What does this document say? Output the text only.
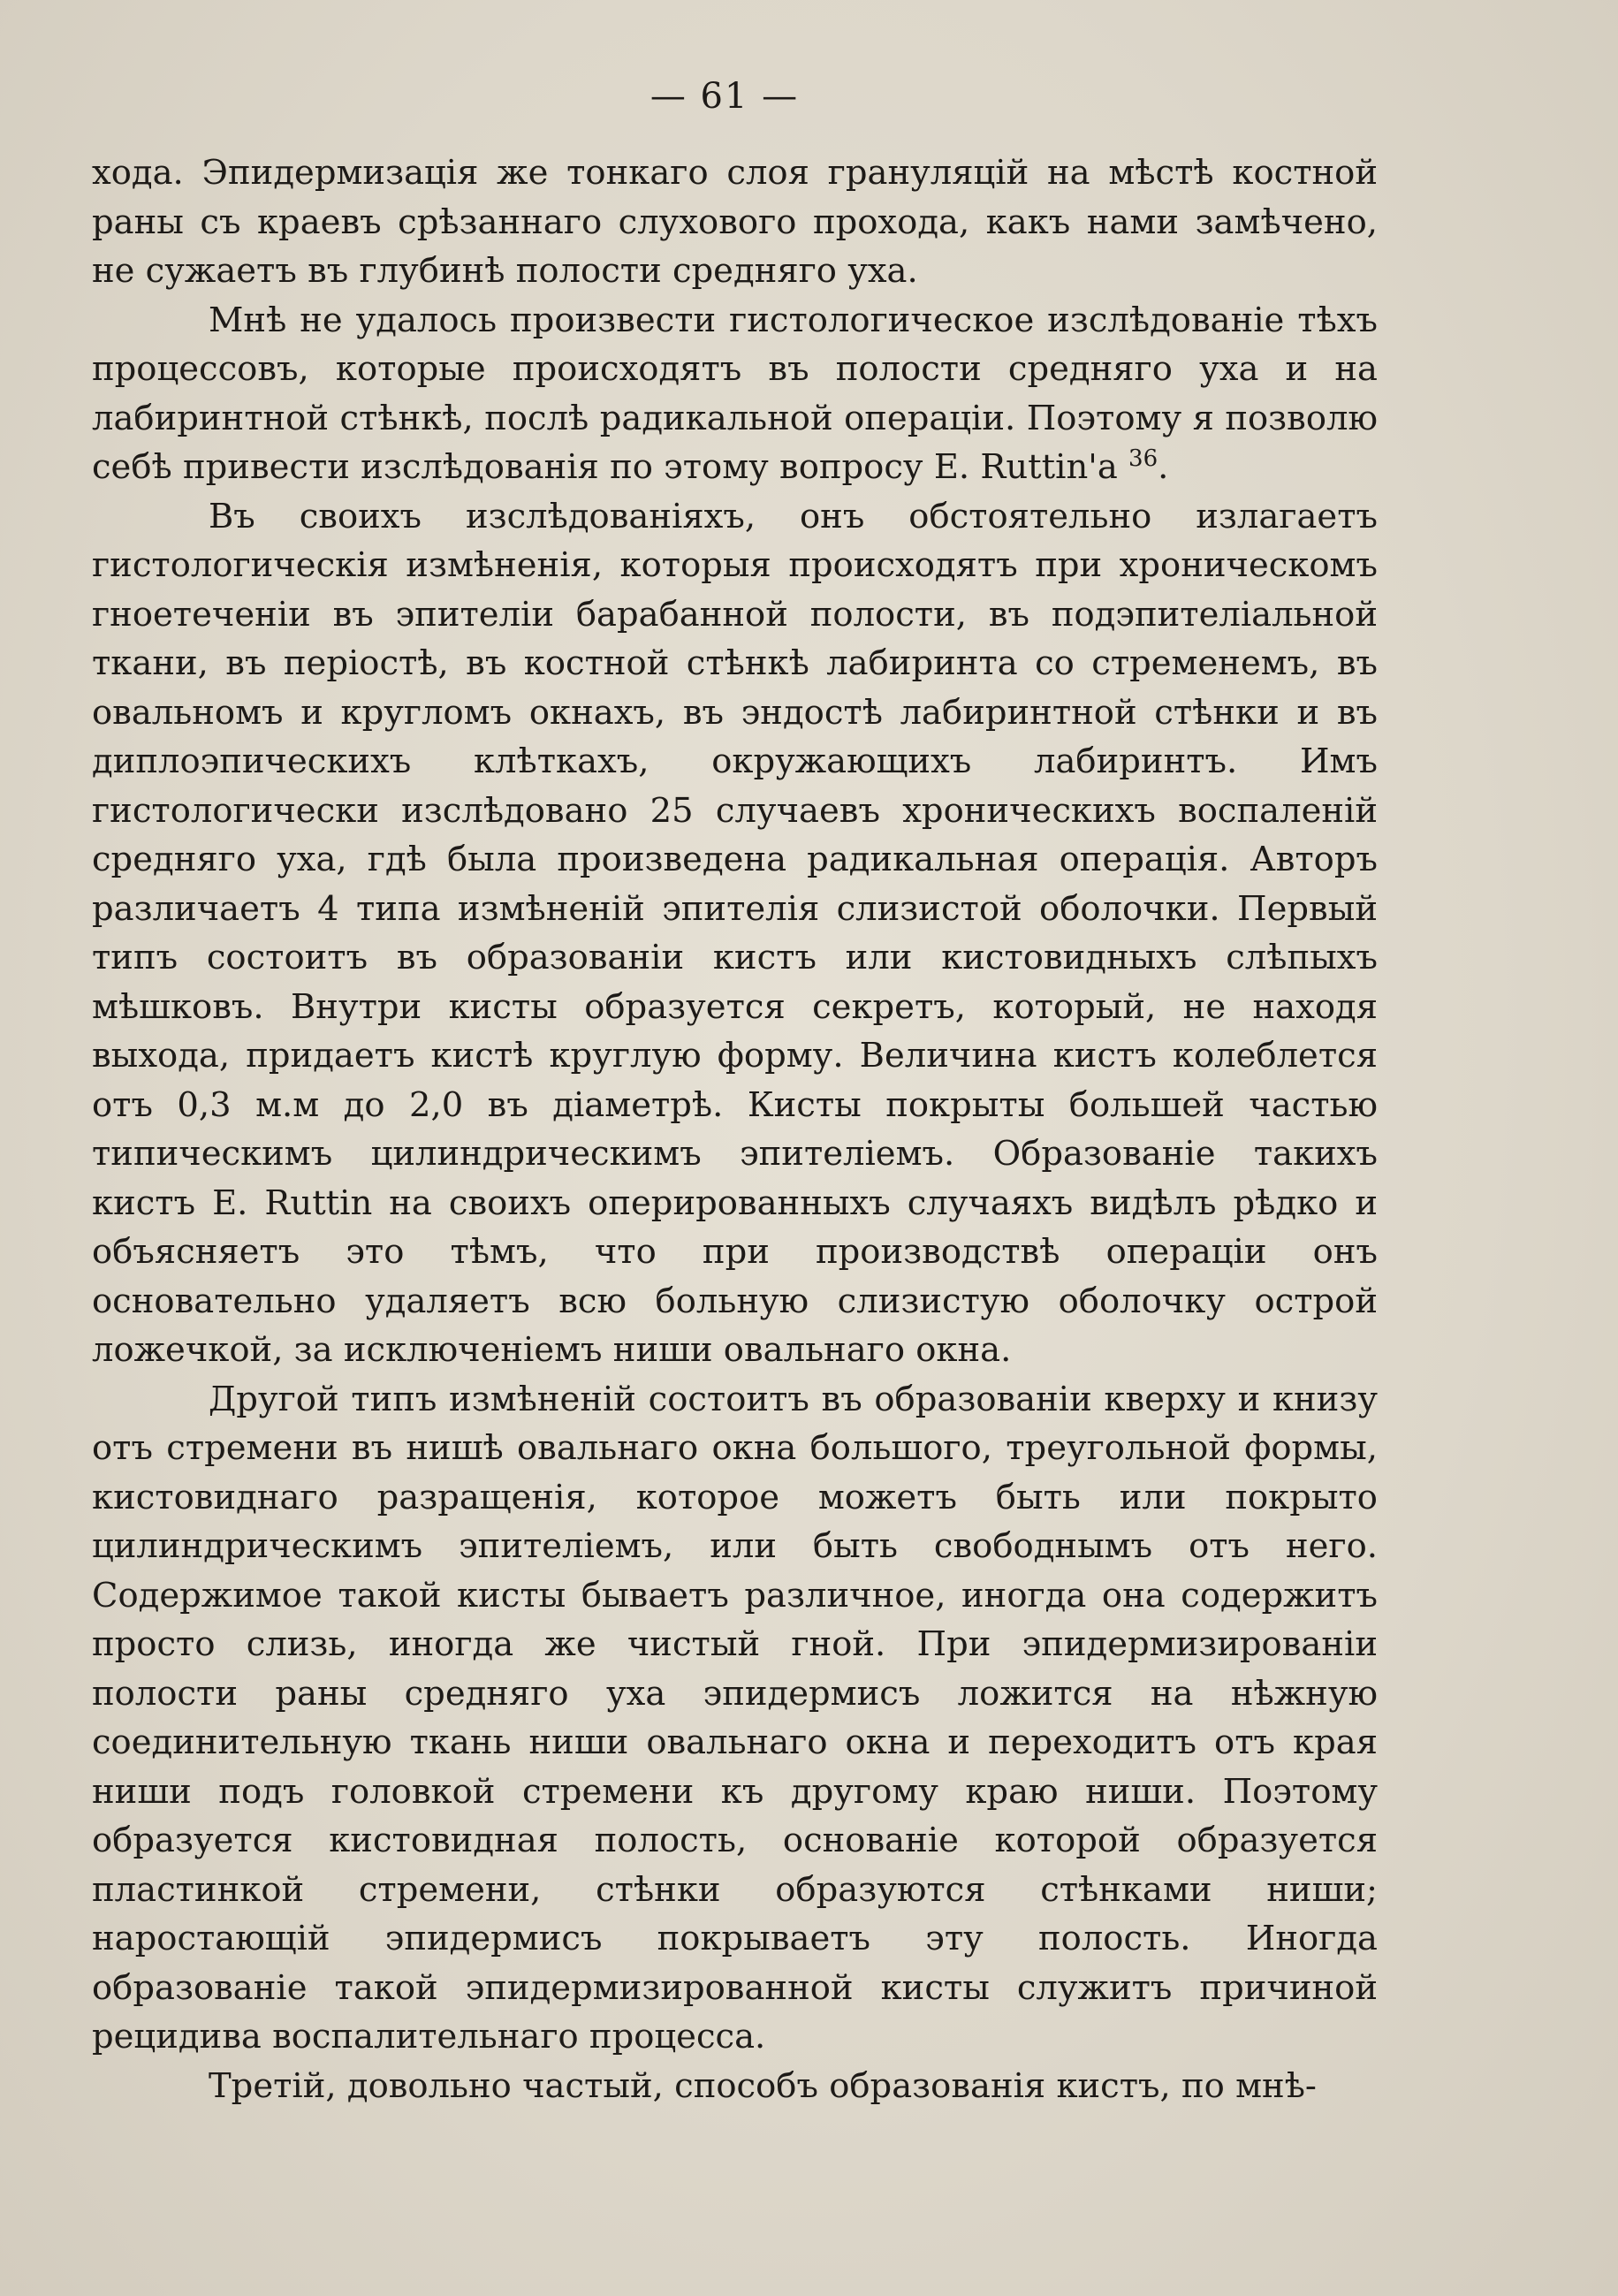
— 61 —

хода. Эпидермизація же тонкаго слоя грануляцій на мѣстѣ костной раны съ краевъ срѣзаннаго слухового прохода, какъ нами замѣчено, не сужаетъ въ глубинѣ полости средняго уха.

Мнѣ не удалось произвести гистологическое изслѣдованіе тѣхъ процессовъ, которые происходятъ въ полости средняго уха и на лабиринтной стѣнкѣ, послѣ радикальной операціи. Поэтому я позволю себѣ привести изслѣдованія по этому вопросу E. Ruttin'a $^{36}$.

Въ своихъ изслѣдованіяхъ, онъ обстоятельно излагаетъ гистологическія измѣненія, которыя происходятъ при хроническомъ гноетеченіи въ эпителіи барабанной полости, въ подэпителіальной ткани, въ періостѣ, въ костной стѣнкѣ лабиринта со стременемъ, въ овальномъ и кругломъ окнахъ, въ эндостѣ лабиринтной стѣнки и въ диплоэпическихъ клѣткахъ, окружающихъ лабиринтъ. Имъ гистологически изслѣдовано 25 случаевъ хроническихъ воспаленій средняго уха, гдѣ была произведена радикальная операція. Авторъ различаетъ 4 типа измѣненій эпителія слизистой оболочки. Первый типъ состоитъ въ образованіи кистъ или кистовидныхъ слѣпыхъ мѣшковъ. Внутри кисты образуется секретъ, который, не находя выхода, придаетъ кистѣ круглую форму. Величина кистъ колеблется отъ 0,3 м.м до 2,0 въ діаметрѣ. Кисты покрыты большей частью типическимъ цилиндрическимъ эпителіемъ. Образованіе такихъ кистъ E. Ruttin на своихъ оперированныхъ случаяхъ видѣлъ рѣдко и объясняетъ это тѣмъ, что при производствѣ операціи онъ основательно удаляетъ всю больную слизистую оболочку острой ложечкой, за исключеніемъ ниши овальнаго окна.

Другой типъ измѣненій состоитъ въ образованіи кверху и книзу отъ стремени въ нишѣ овальнаго окна большого, треугольной формы, кистовиднаго разращенія, которое можетъ быть или покрыто цилиндрическимъ эпителіемъ, или быть свободнымъ отъ него. Содержимое такой кисты бываетъ различное, иногда она содержитъ просто слизь, иногда же чистый гной. При эпидермизированіи полости раны средняго уха эпидермисъ ложится на нѣжную соединительную ткань ниши овальнаго окна и переходитъ отъ края ниши подъ головкой стремени къ другому краю ниши. Поэтому образуется кистовидная полость, основаніе которой образуется пластинкой стремени, стѣнки образуются стѣнками ниши; наростающій эпидермисъ покрываетъ эту полость. Иногда образованіе такой эпидермизированной кисты служитъ причиной рецидива воспалительнаго процесса.

Третій, довольно частый, способъ образованія кистъ, по мнѣ-
